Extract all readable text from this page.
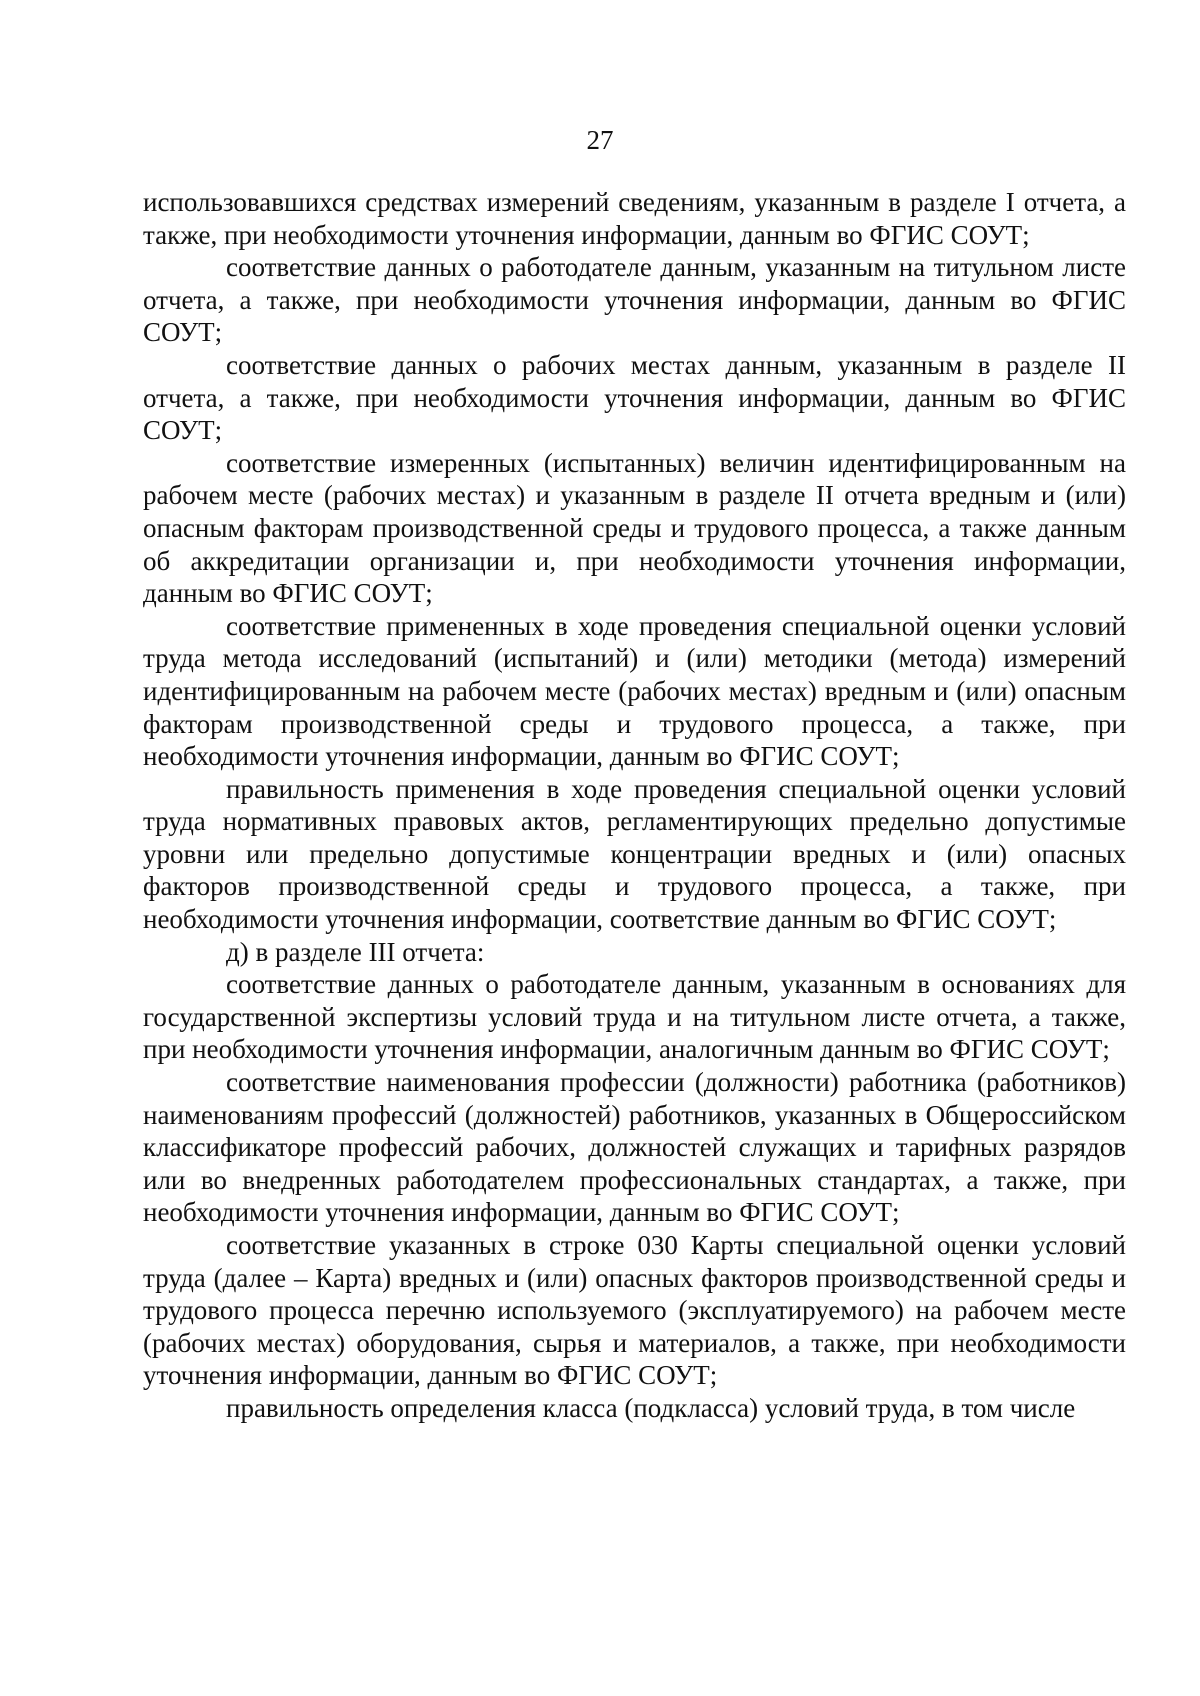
27

использовавшихся средствах измерений сведениям, указанным в разделе I отчета, а также, при необходимости уточнения информации, данным во ФГИС СОУТ;

соответствие данных о работодателе данным, указанным на титульном листе отчета, а также, при необходимости уточнения информации, данным во ФГИС СОУТ;

соответствие данных о рабочих местах данным, указанным в разделе II отчета, а также, при необходимости уточнения информации, данным во ФГИС СОУТ;

соответствие измеренных (испытанных) величин идентифицированным на рабочем месте (рабочих местах) и указанным в разделе II отчета вредным и (или) опасным факторам производственной среды и трудового процесса, а также данным об аккредитации организации и, при необходимости уточнения информации, данным во ФГИС СОУТ;

соответствие примененных в ходе проведения специальной оценки условий труда метода исследований (испытаний) и (или) методики (метода) измерений идентифицированным на рабочем месте (рабочих местах) вредным и (или) опасным факторам производственной среды и трудового процесса, а также, при необходимости уточнения информации, данным во ФГИС СОУТ;

правильность применения в ходе проведения специальной оценки условий труда нормативных правовых актов, регламентирующих предельно допустимые уровни или предельно допустимые концентрации вредных и (или) опасных факторов производственной среды и трудового процесса, а также, при необходимости уточнения информации, соответствие данным во ФГИС СОУТ;

д) в разделе III отчета:

соответствие данных о работодателе данным, указанным в основаниях для государственной экспертизы условий труда и на титульном листе отчета, а также, при необходимости уточнения информации, аналогичным данным во ФГИС СОУТ;

соответствие наименования профессии (должности) работника (работников) наименованиям профессий (должностей) работников, указанных в Общероссийском классификаторе профессий рабочих, должностей служащих и тарифных разрядов или во внедренных работодателем профессиональных стандартах, а также, при необходимости уточнения информации, данным во ФГИС СОУТ;

соответствие указанных в строке 030 Карты специальной оценки условий труда (далее – Карта) вредных и (или) опасных факторов производственной среды и трудового процесса перечню используемого (эксплуатируемого) на рабочем месте (рабочих местах) оборудования, сырья и материалов, а также, при необходимости уточнения информации, данным во ФГИС СОУТ;

правильность определения класса (подкласса) условий труда, в том числе
